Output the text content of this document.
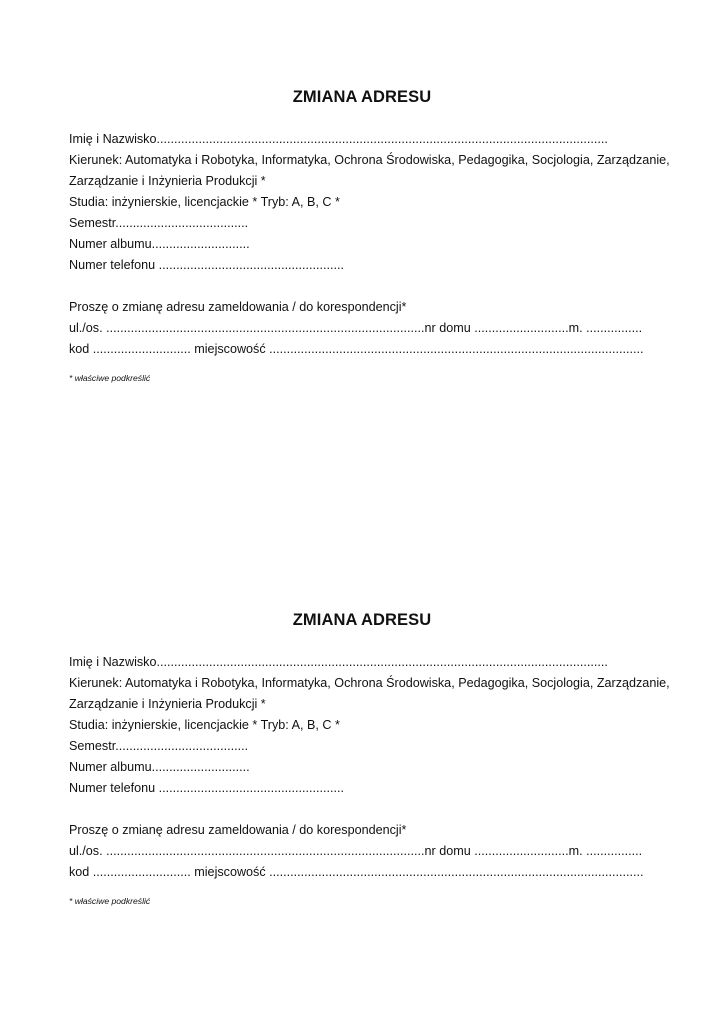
ZMIANA ADRESU
Imię i Nazwisko.................................................................................................................................
Kierunek: Automatyka i Robotyka, Informatyka, Ochrona Środowiska, Pedagogika, Socjologia, Zarządzanie,
Zarządzanie i Inżynieria Produkcji *
Studia: inżynierskie, licencjackie * Tryb: A, B, C *
Semestr......................................
Numer albumu............................
Numer telefonu .....................................................
Proszę o zmianę adresu zameldowania / do korespondencji*
ul./os. ...........................................................................................nr domu ...........................m. ................
kod ............................ miejscowość ...........................................................................................................
* właściwe podkreślić
ZMIANA ADRESU
Imię i Nazwisko.................................................................................................................................
Kierunek: Automatyka i Robotyka, Informatyka, Ochrona Środowiska, Pedagogika, Socjologia, Zarządzanie,
Zarządzanie i Inżynieria Produkcji *
Studia: inżynierskie, licencjackie * Tryb: A, B, C *
Semestr......................................
Numer albumu............................
Numer telefonu .....................................................
Proszę o zmianę adresu zameldowania / do korespondencji*
ul./os. ...........................................................................................nr domu ...........................m. ................
kod ............................ miejscowość ...........................................................................................................
* właściwe podkreślić
